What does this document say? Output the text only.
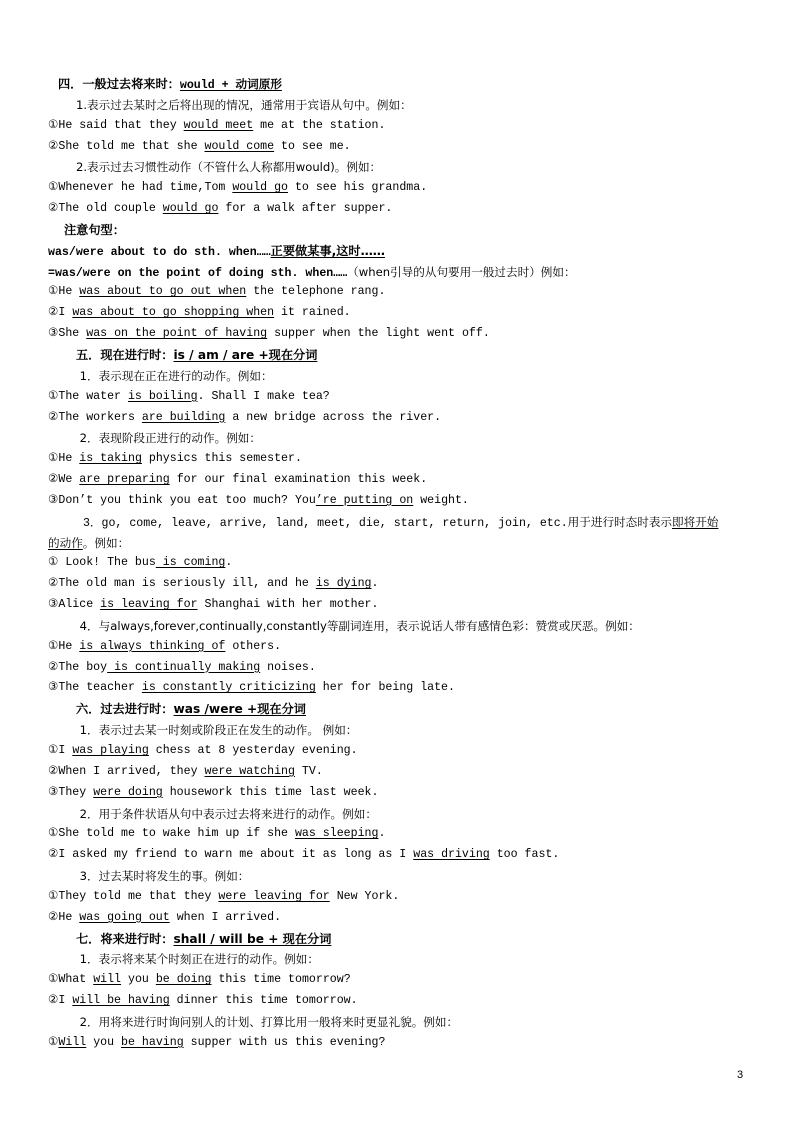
四．一般过去将来时：would + 动词原形
1.表示过去某时之后将出现的情况，通常用于宾语从句中。例如：
①He said that they would meet me at the station.
②She told me that she would come to see me.
2.表示过去习惯性动作（不管什么人称都用would)。例如：
①Whenever he had time,Tom would go to see his grandma.
②The old couple would go for a walk after supper.
注意句型：
was/were about to do sth. when……正要做某事,这时……
=was/were on the point of doing sth. when……（when引导的从句要用一般过去时）例如：
①He was about to go out when the telephone rang.
②I was about to go shopping when it rained.
③She was on the point of having supper when the light went off.
五．现在进行时：is / am / are +现在分词
1．表示现在正在进行的动作。例如：
①The water is boiling. Shall I make tea?
②The workers are building a new bridge across the river.
2．表现阶段正进行的动作。例如：
①He is taking physics this semester.
②We are preparing for our final examination this week.
③Don’t you think you eat too much? You’re putting on weight.
3．go, come, leave, arrive, land, meet, die, start, return, join, etc.用于进行时态时表示即将开始
的动作。例如：
① Look! The bus is coming.
②The old man is seriously ill, and he is dying.
③Alice is leaving for Shanghai with her mother.
4．与always,forever,continually,constantly等副词连用，表示说话人带有感情色彩：赞赏或厌恶。例如：
①He is always thinking of others.
②The boy is continually making noises.
③The teacher is constantly criticizing her for being late.
六．过去进行时：was /were +现在分词
1．表示过去某一时刻或阶段正在发生的动作。 例如：
①I was playing chess at 8 yesterday evening.
②When I arrived, they were watching TV.
③They were doing housework this time last week.
2．用于条件状语从句中表示过去将来进行的动作。例如：
①She told me to wake him up if she was sleeping.
②I asked my friend to warn me about it as long as I was driving too fast.
3．过去某时将发生的事。例如：
①They told me that they were leaving for New York.
②He was going out when I arrived.
七．将来进行时：shall / will be + 现在分词
1．表示将来某个时刻正在进行的动作。例如：
①What will you be doing this time tomorrow?
②I will be having dinner this time tomorrow.
2．用将来进行时询问别人的计划、打算比用一般将来时更显礼貌。例如：
①Will you be having supper with us this evening?
3
